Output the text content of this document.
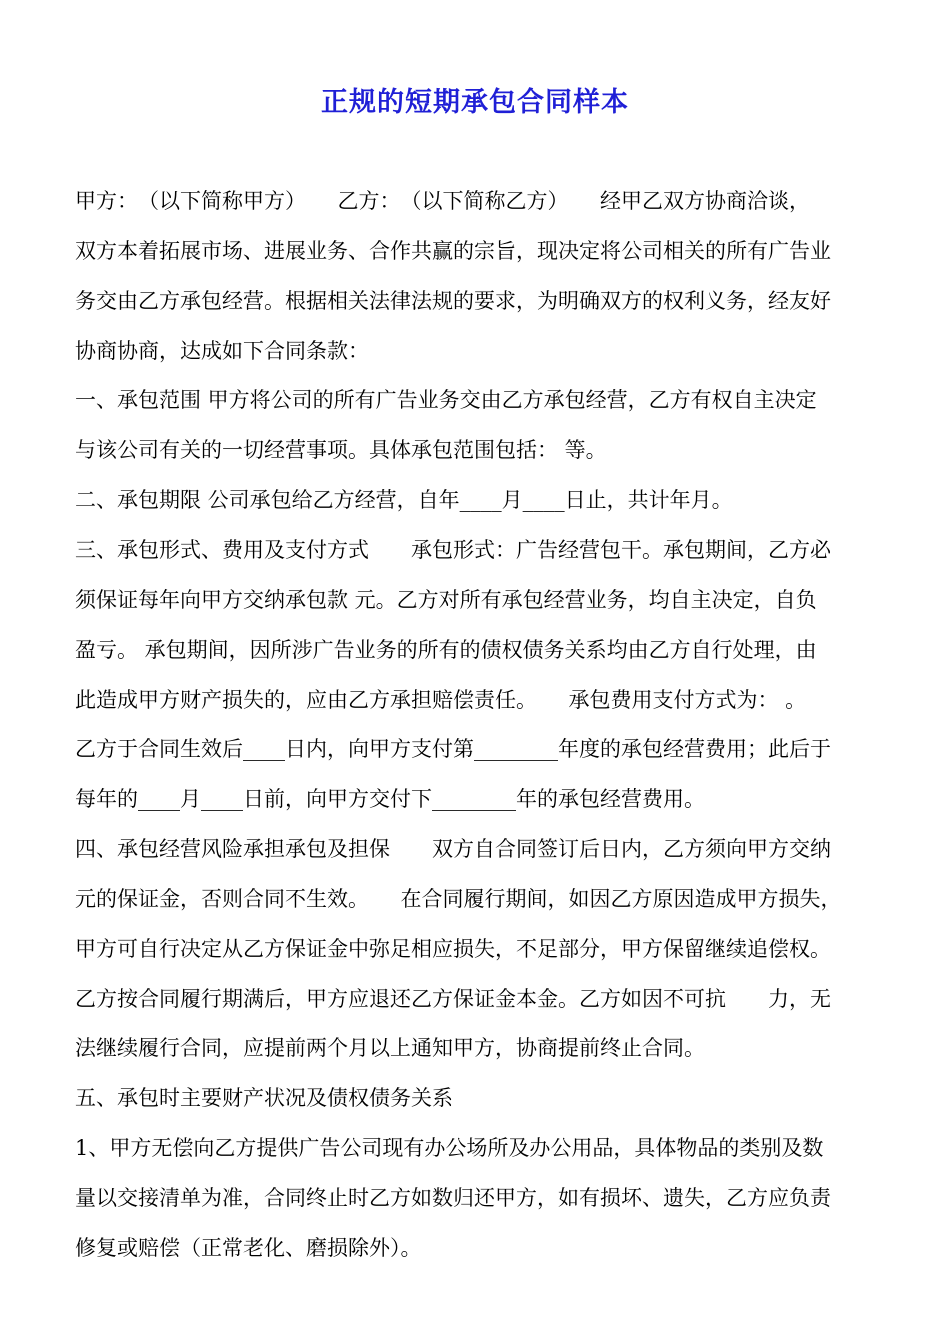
正规的短期承包合同样本
甲方：　（以下简称甲方）　　乙方：　（以下简称乙方）　　经甲乙双方协商洽谈，
双方本着拓展市场、进展业务、合作共赢的宗旨，现决定将公司相关的所有广告业
务交由乙方承包经营。根据相关法律法规的要求，为明确双方的权利义务，经友好
协商协商，达成如下合同条款：
一、承包范围 甲方将公司的所有广告业务交由乙方承包经营，乙方有权自主决定
与该公司有关的一切经营事项。具体承包范围包括： 等。
二、承包期限 公司承包给乙方经营，自年____月____日止，共计年月。
三、承包形式、费用及支付方式　　承包形式：广告经营包干。承包期间，乙方必
须保证每年向甲方交纳承包款 元。乙方对所有承包经营业务，均自主决定，自负
盈亏。 承包期间，因所涉广告业务的所有的债权债务关系均由乙方自行处理，由
此造成甲方财产损失的，应由乙方承担赔偿责任。　　承包费用支付方式为： 。
乙方于合同生效后____日内，向甲方支付第________年度的承包经营费用；此后于
每年的____月____日前，向甲方交付下________年的承包经营费用。
四、承包经营风险承担承包及担保　　双方自合同签订后日内，乙方须向甲方交纳
元的保证金，否则合同不生效。　　在合同履行期间，如因乙方原因造成甲方损失，
甲方可自行决定从乙方保证金中弥足相应损失，不足部分，甲方保留继续追偿权。
乙方按合同履行期满后，甲方应退还乙方保证金本金。乙方如因不可抗　　力，无
法继续履行合同，应提前两个月以上通知甲方，协商提前终止合同。
五、承包时主要财产状况及债权债务关系
1、甲方无偿向乙方提供广告公司现有办公场所及办公用品，具体物品的类别及数
量以交接清单为准，合同终止时乙方如数归还甲方，如有损坏、遗失，乙方应负责
修复或赔偿（正常老化、磨损除外）。
